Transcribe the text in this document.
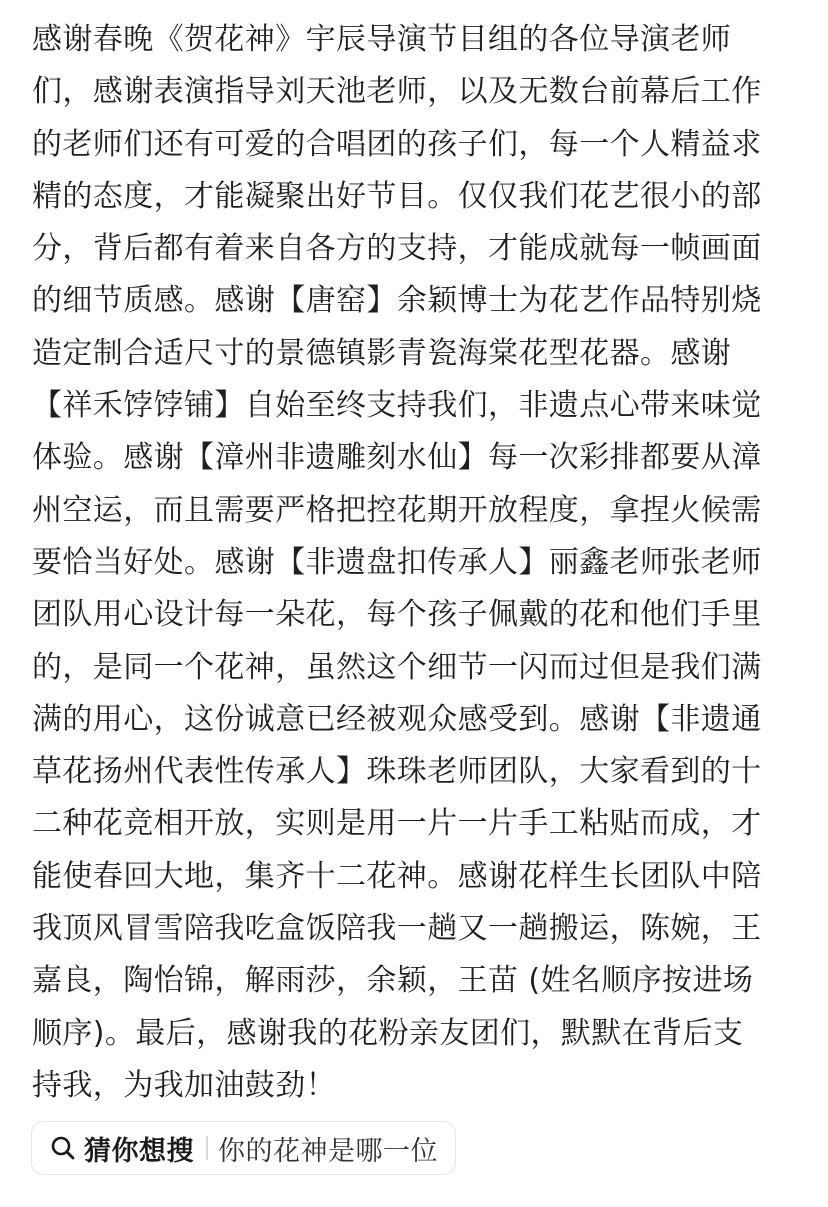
感谢春晚《贺花神》宇辰导演节目组的各位导演老师
们，感谢表演指导刘天池老师，以及无数台前幕后工作
的老师们还有可爱的合唱团的孩子们，每一个人精益求
精的态度，才能凝聚出好节目。仅仅我们花艺很小的部
分，背后都有着来自各方的支持，才能成就每一帧画面
的细节质感。感谢【唐窑】余颖博士为花艺作品特别烧
造定制合适尺寸的景德镇影青瓷海棠花型花器。感谢
【祥禾饽饽铺】自始至终支持我们，非遗点心带来味觉
体验。感谢【漳州非遗雕刻水仙】每一次彩排都要从漳
州空运，而且需要严格把控花期开放程度，拿捏火候需
要恰当好处。感谢【非遗盘扣传承人】丽鑫老师张老师
团队用心设计每一朵花，每个孩子佩戴的花和他们手里
的，是同一个花神，虽然这个细节一闪而过但是我们满
满的用心，这份诚意已经被观众感受到。感谢【非遗通
草花扬州代表性传承人】珠珠老师团队，大家看到的十
二种花竞相开放，实则是用一片一片手工粘贴而成，才
能使春回大地，集齐十二花神。感谢花样生长团队中陪
我顶风冒雪陪我吃盒饭陪我一趟又一趟搬运，陈婉，王
嘉良，陶怡锦，解雨莎，余颖，王苗 (姓名顺序按进场
顺序)。最后，感谢我的花粉亲友团们，默默在背后支
持我，为我加油鼓劲！
猜你想搜 你的花神是哪一位
